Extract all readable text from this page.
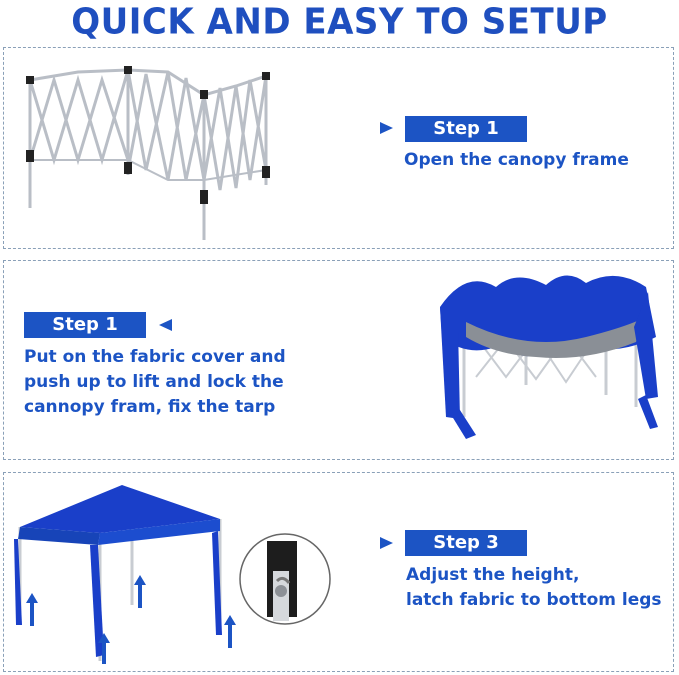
QUICK AND EASY TO SETUP
Step 1
Open the canopy frame
Step 1
Put on the fabric cover and
push up to lift and lock the
cannopy fram, fix the tarp
Step 3
Adjust the height,
latch fabric to bottom legs
